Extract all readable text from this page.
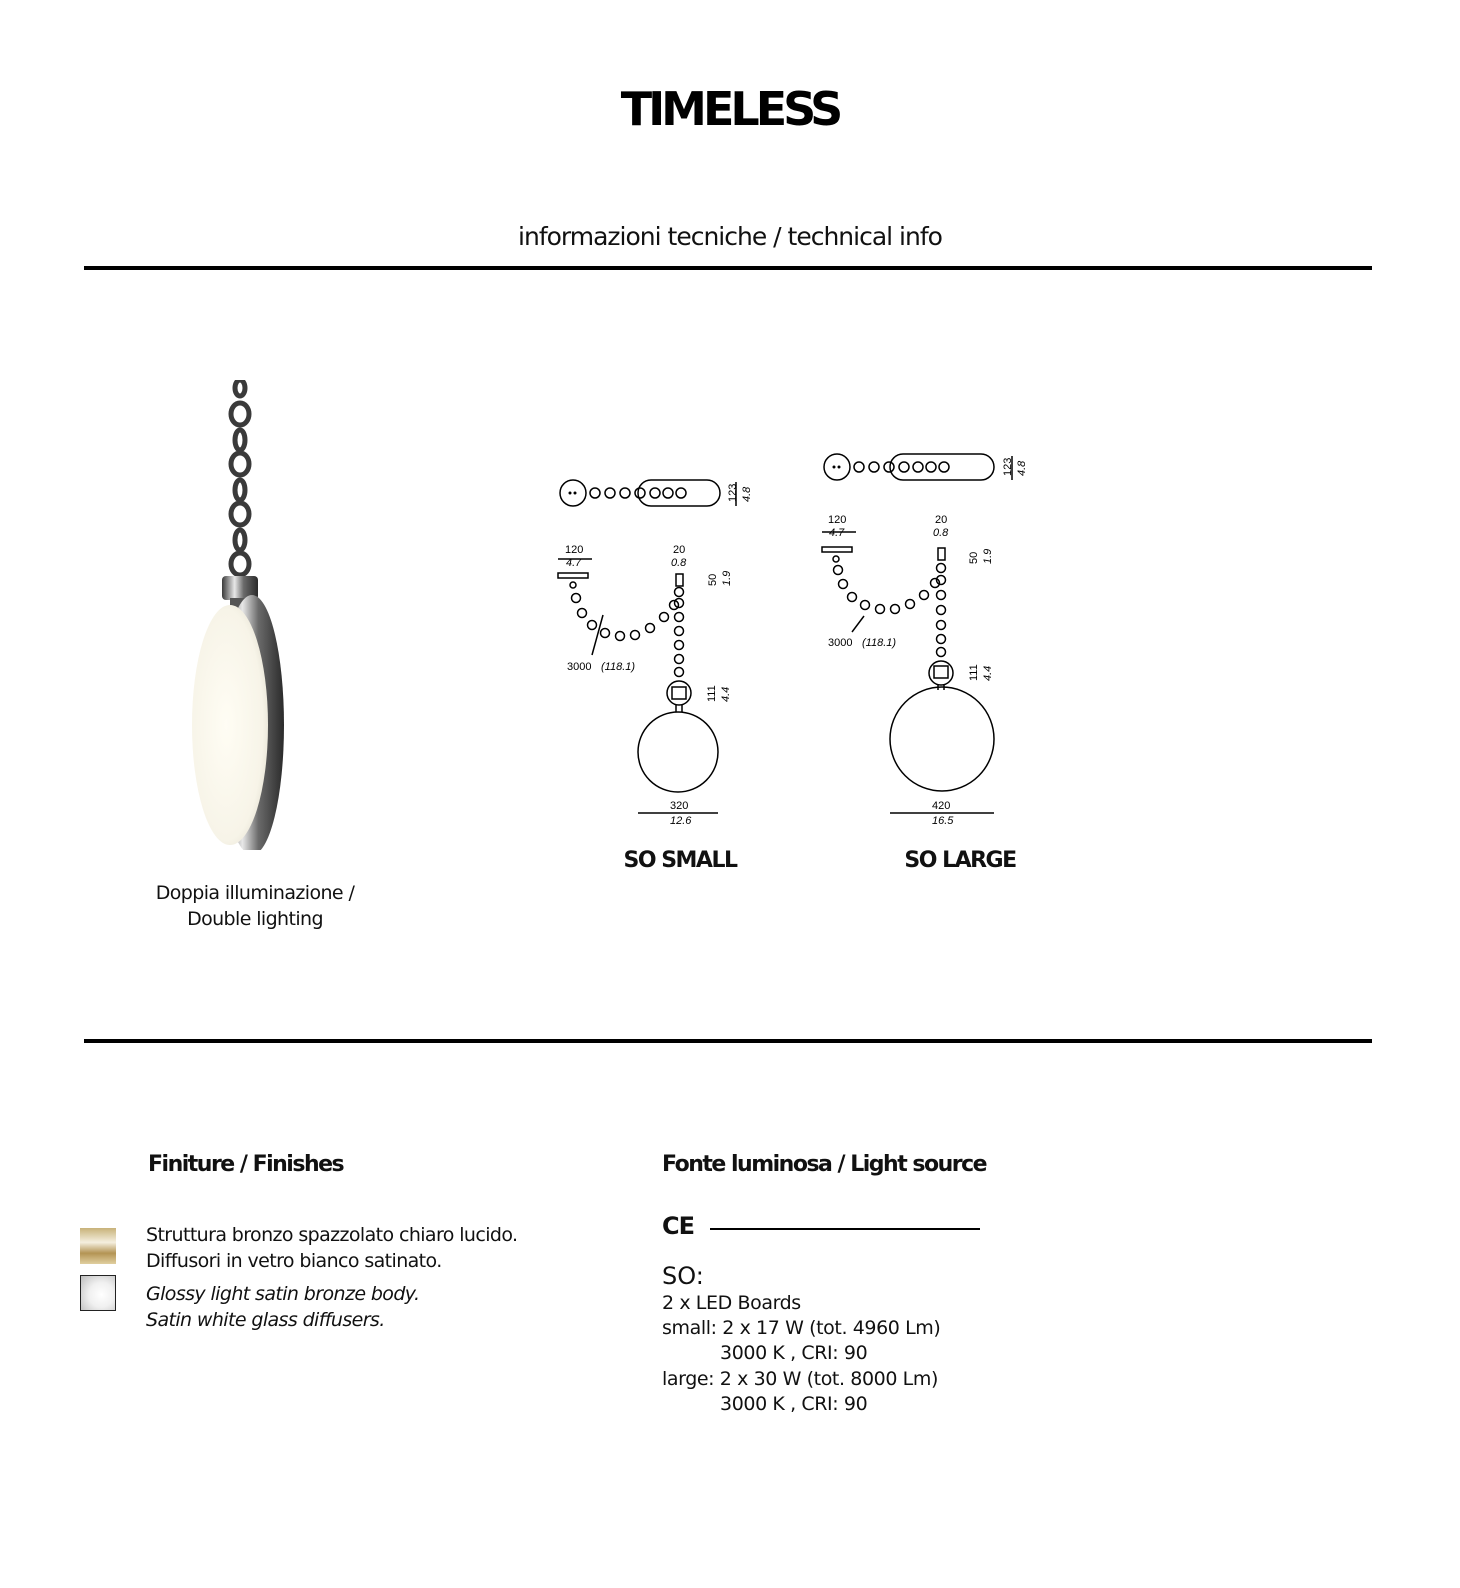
TIMELESS
informazioni tecniche / technical info
Doppia illuminazione /
Double lighting
123 4.8
120
4.7
20
0.8
50 1.9
3000 (118.1)
111 4.4
320
12.6
123 4.8
120
4.7
20
0.8
50 1.9
3000 (118.1)
111 4.4
420
16.5
SO SMALL	SO LARGE
Finiture / Finishes
Struttura bronzo spazzolato chiaro lucido.
Diffusori in vetro bianco satinato.
Glossy light satin bronze body.
Satin white glass diffusers.
Fonte luminosa / Light source
CE
SO:
2 x LED Boards
small: 2 x 17 W (tot. 4960 Lm)
3000 K , CRI: 90
large: 2 x 30 W (tot. 8000 Lm)
3000 K , CRI: 90
